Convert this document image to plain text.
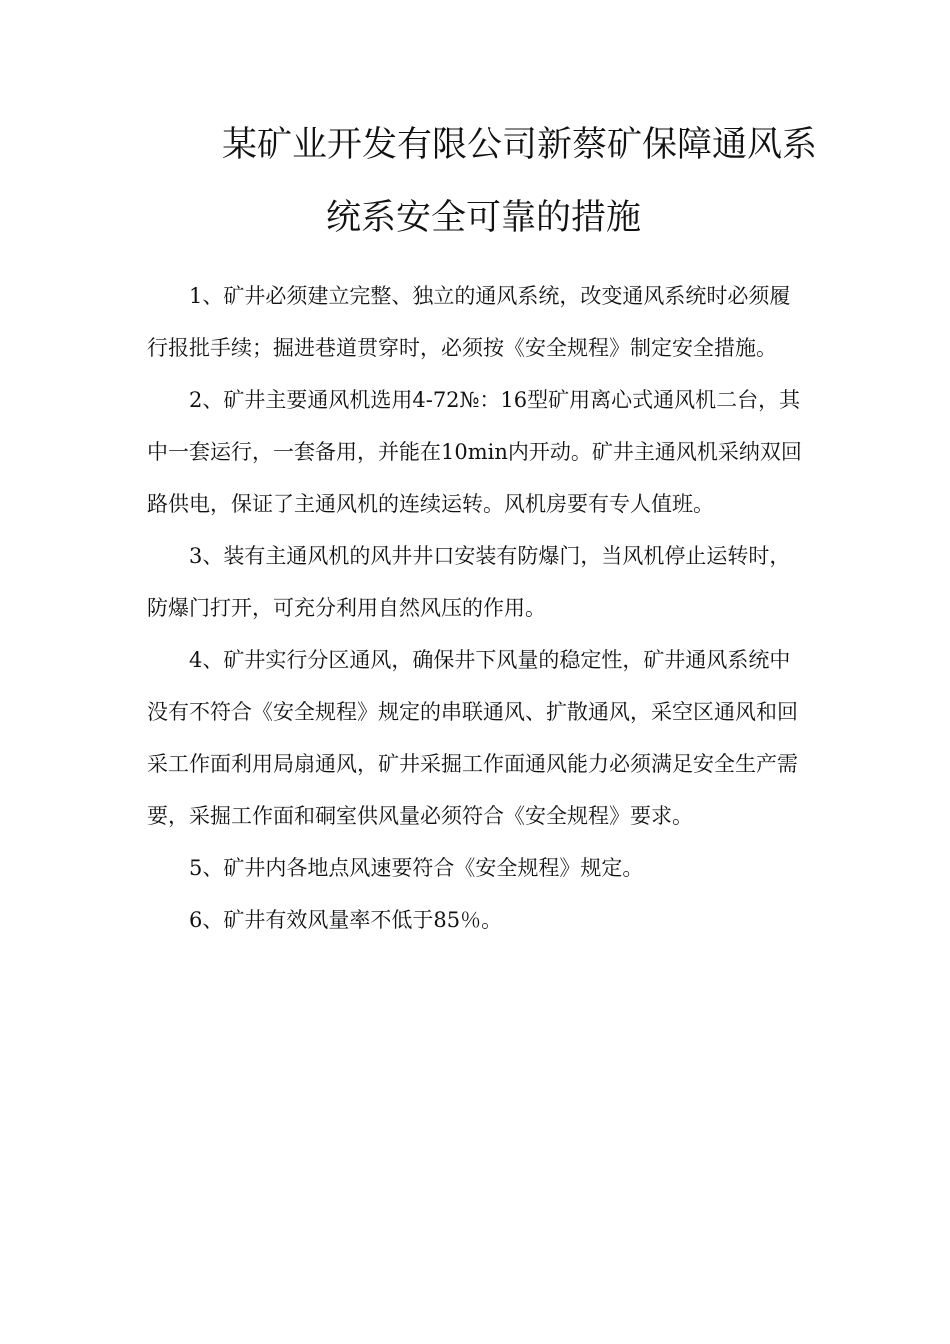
某矿业开发有限公司新蔡矿保障通风系
统系安全可靠的措施

1、矿井必须建立完整、独立的通风系统，改变通风系统时必须履行报批手续；掘进巷道贯穿时，必须按《安全规程》制定安全措施。

2、矿井主要通风机选用4-72№：16型矿用离心式通风机二台，其中一套运行，一套备用，并能在10min内开动。矿井主通风机采纳双回路供电，保证了主通风机的连续运转。风机房要有专人值班。

3、装有主通风机的风井井口安装有防爆门，当风机停止运转时，防爆门打开，可充分利用自然风压的作用。

4、矿井实行分区通风，确保井下风量的稳定性，矿井通风系统中没有不符合《安全规程》规定的串联通风、扩散通风，采空区通风和回采工作面利用局扇通风，矿井采掘工作面通风能力必须满足安全生产需要，采掘工作面和硐室供风量必须符合《安全规程》要求。

5、矿井内各地点风速要符合《安全规程》规定。

6、矿井有效风量率不低于85％。
